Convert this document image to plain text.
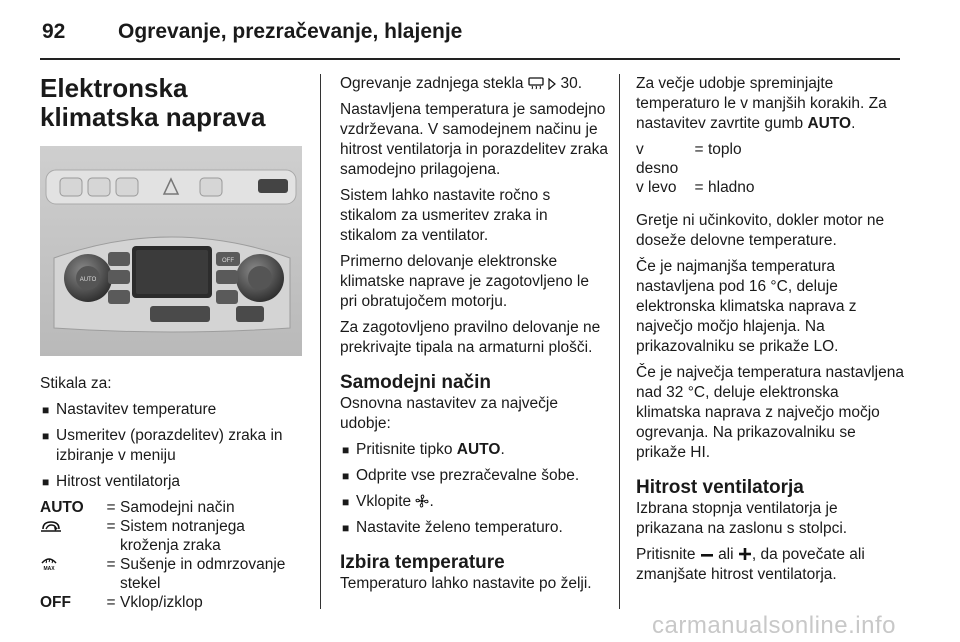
92	Ogrevanje, prezračevanje, hlajenje
Elektronska klimatska naprava
AUTO
OFF

Stikala za:

■ Nastavitev temperature
■ Usmeritev (porazdelitev) zraka in izbiranje v meniju
■ Hitrost ventilatorja
AUTO	=	Samodejni način
	=	Sistem notranjega kroženja zraka

MAX	=	Sušenje in odmrzovanje stekel
OFF	=	Vklop/izklop

Ogrevanje zadnjega stekla 30.

Nastavljena temperatura je samodejno vzdrževana. V samodejnem načinu je hitrost ventilatorja in porazdelitev zraka samodejno prilagojena.

Sistem lahko nastavite ročno s stikalom za usmeritev zraka in stikalom za ventilator.

Primerno delovanje elektronske klimatske naprave je zagotovljeno le pri obratujočem motorju.

Za zagotovljeno pravilno delovanje ne prekrivajte tipala na armaturni plošči.

Samodejni način

Osnovna nastavitev za največje udobje:

■ Pritisnite tipko AUTO.
■ Odprite vse prezračevalne šobe.
■ Vklopite .
■ Nastavite želeno temperaturo.
Izbira temperature

Temperaturo lahko nastavite po želji.

Za večje udobje spreminjajte temperaturo le v manjših korakih. Za nastavitev zavrtite gumb AUTO.

v desno	=	toplo
v levo	=	hladno

Gretje ni učinkovito, dokler motor ne doseže delovne temperature.

Če je najmanjša temperatura nastavljena pod 16 °C, deluje elektronska klimatska naprava z največjo močjo hlajenja. Na prikazovalniku se prikaže LO.

Če je največja temperatura nastavljena nad 32 °C, deluje elektronska klimatska naprava z največjo močjo ogrevanja. Na prikazovalniku se prikaže HI.

Hitrost ventilatorja

Izbrana stopnja ventilatorja je prikazana na zaslonu s stolpci.

Pritisnite ali , da povečate ali zmanjšate hitrost ventilatorja.

carmanualsonline.info
